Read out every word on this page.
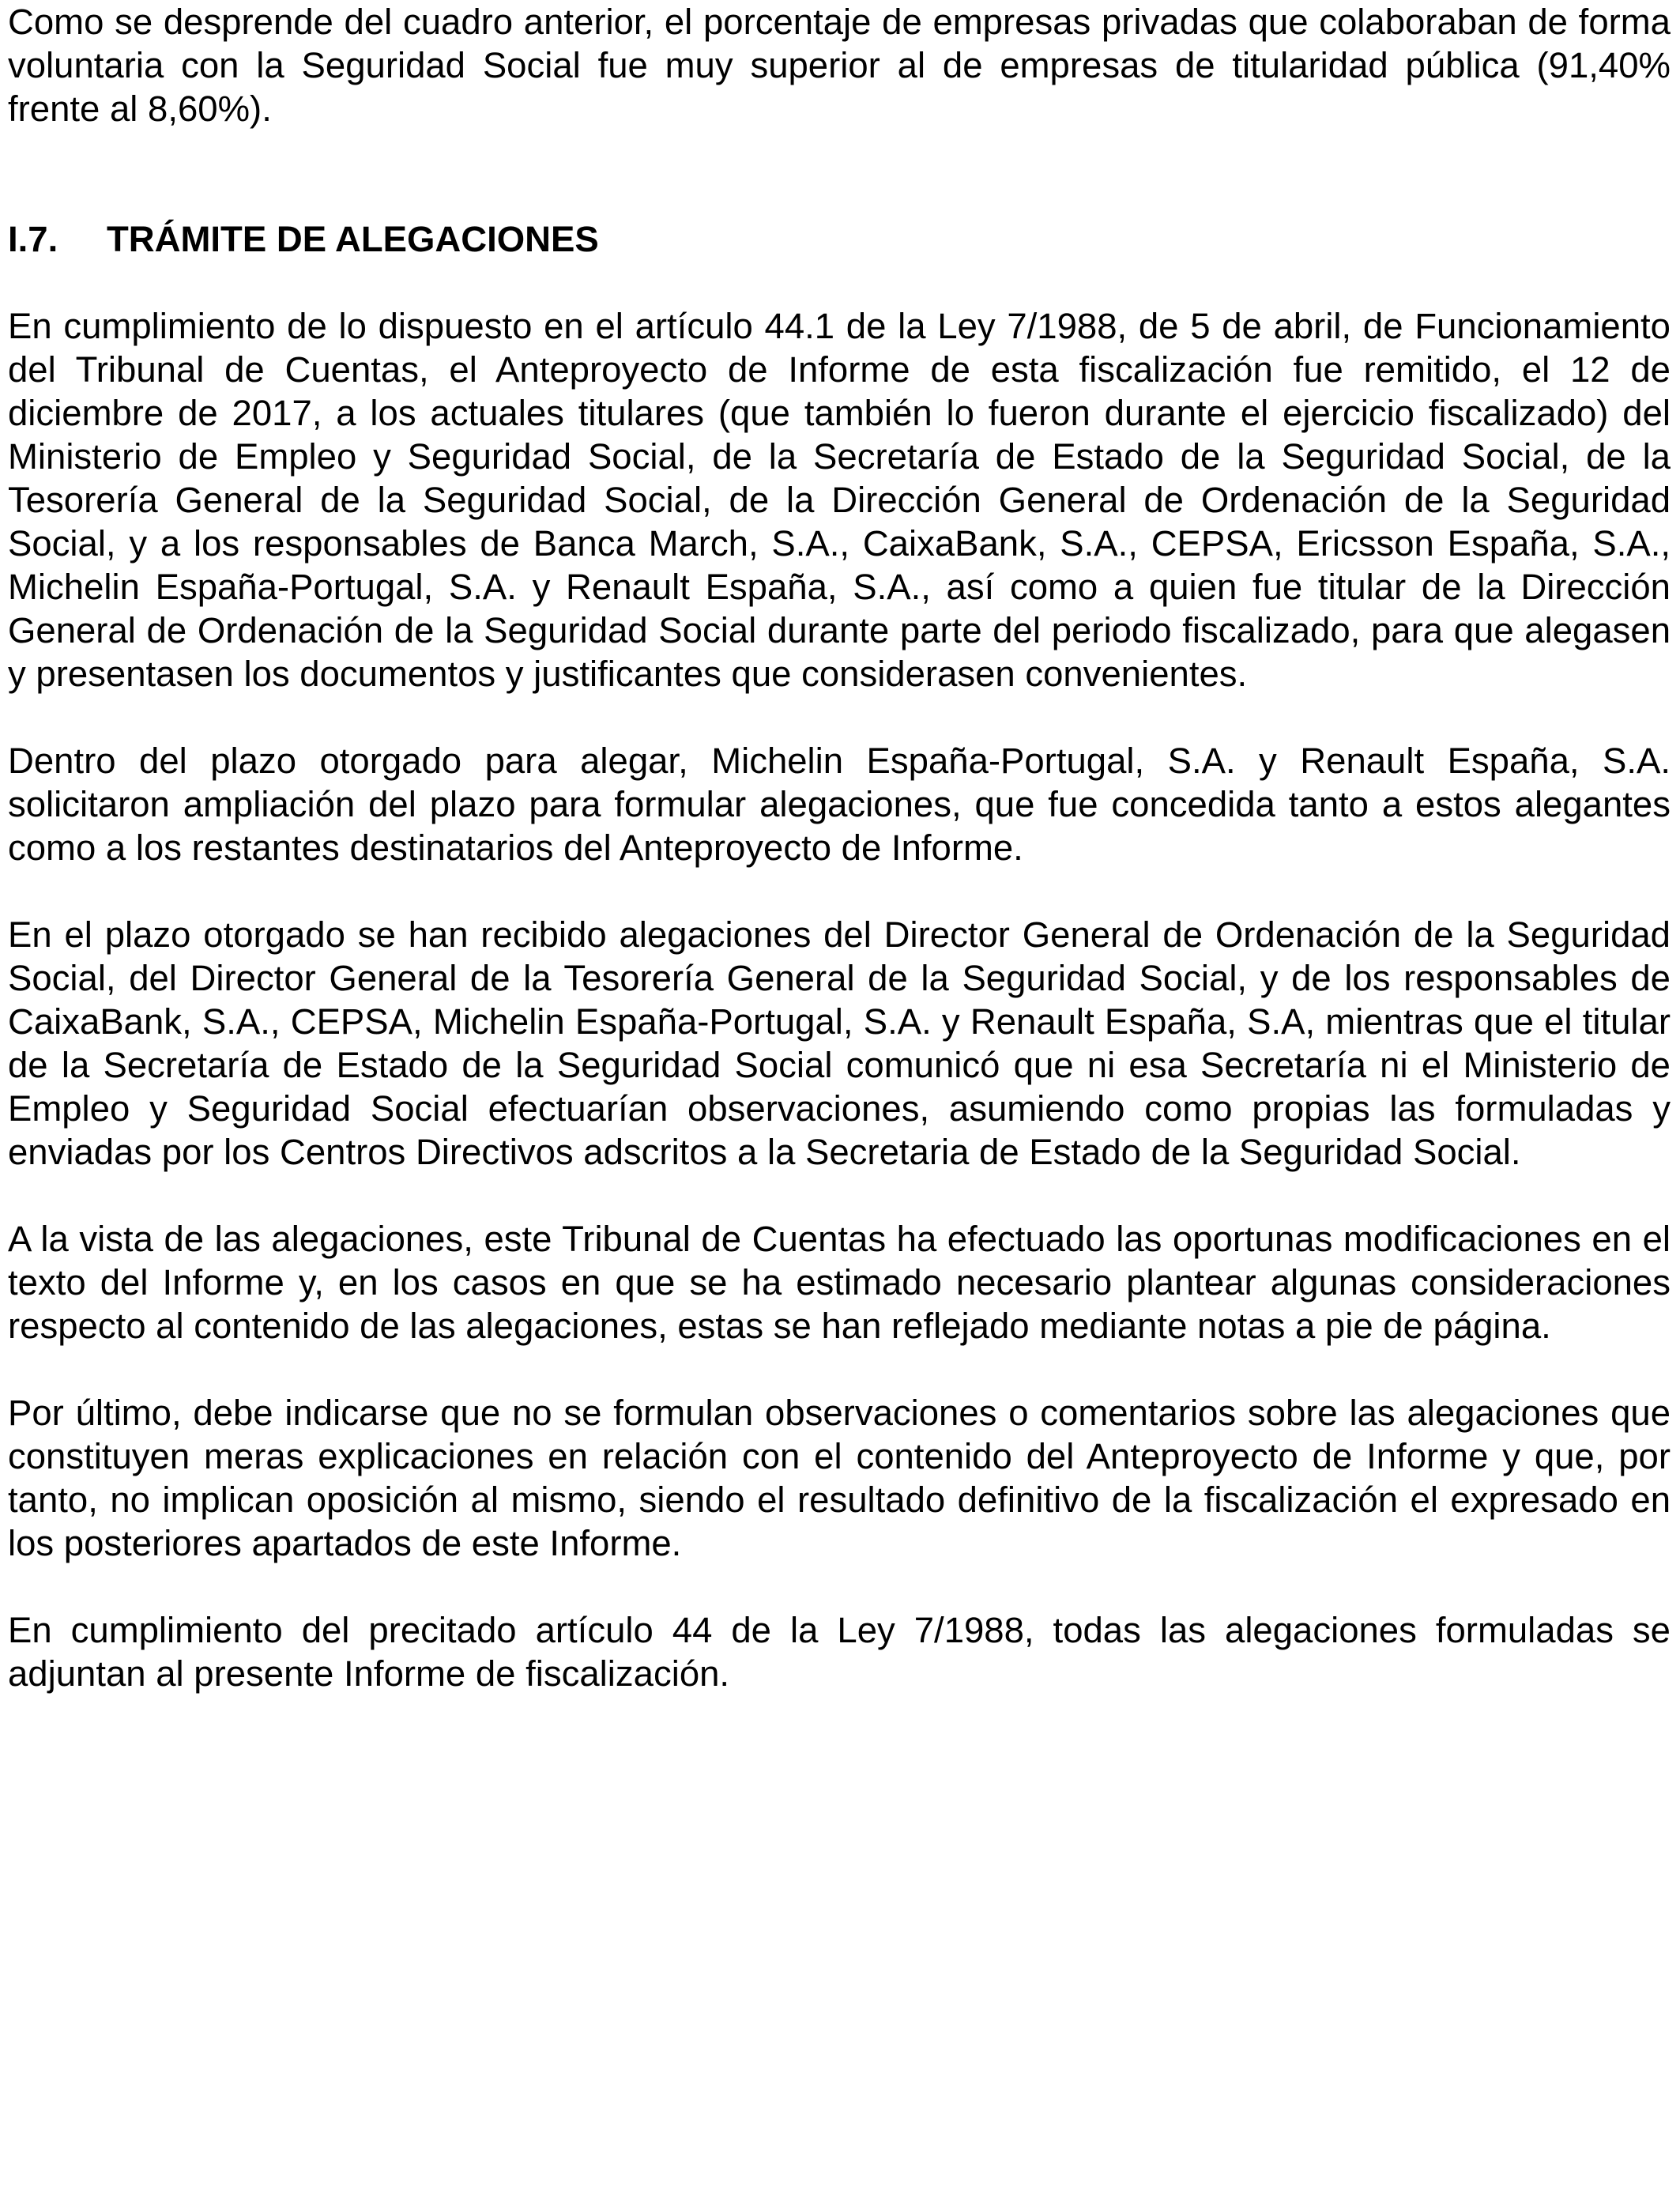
Como se desprende del cuadro anterior, el porcentaje de empresas privadas que colaboraban de forma voluntaria con la Seguridad Social fue muy superior al de empresas de titularidad pública (91,40% frente al 8,60%).

I.7.	TRÁMITE DE ALEGACIONES

En cumplimiento de lo dispuesto en el artículo 44.1 de la Ley 7/1988, de 5 de abril, de Funcionamiento del Tribunal de Cuentas, el Anteproyecto de Informe de esta fiscalización fue remitido, el 12 de diciembre de 2017, a los actuales titulares (que también lo fueron durante el ejercicio fiscalizado) del Ministerio de Empleo y Seguridad Social, de la Secretaría de Estado de la Seguridad Social, de la Tesorería General de la Seguridad Social, de la Dirección General de Ordenación de la Seguridad Social, y a los responsables de Banca March, S.A., CaixaBank, S.A., CEPSA, Ericsson España, S.A., Michelin España-Portugal, S.A. y Renault España, S.A., así como a quien fue titular de la Dirección General de Ordenación de la Seguridad Social durante parte del periodo fiscalizado, para que alegasen y presentasen los documentos y justificantes que considerasen convenientes.

Dentro del plazo otorgado para alegar, Michelin España-Portugal, S.A. y Renault España, S.A. solicitaron ampliación del plazo para formular alegaciones, que fue concedida tanto a estos alegantes como a los restantes destinatarios del Anteproyecto de Informe.

En el plazo otorgado se han recibido alegaciones del Director General de Ordenación de la Seguridad Social, del Director General de la Tesorería General de la Seguridad Social, y de los responsables de CaixaBank, S.A., CEPSA, Michelin España-Portugal, S.A. y Renault España, S.A, mientras que el titular de la Secretaría de Estado de la Seguridad Social comunicó que ni esa Secretaría ni el Ministerio de Empleo y Seguridad Social efectuarían observaciones, asumiendo como propias las formuladas y enviadas por los Centros Directivos adscritos a la Secretaria de Estado de la Seguridad Social.

A la vista de las alegaciones, este Tribunal de Cuentas ha efectuado las oportunas modificaciones en el texto del Informe y, en los casos en que se ha estimado necesario plantear algunas consideraciones respecto al contenido de las alegaciones, estas se han reflejado mediante notas a pie de página.

Por último, debe indicarse que no se formulan observaciones o comentarios sobre las alegaciones que constituyen meras explicaciones en relación con el contenido del Anteproyecto de Informe y que, por tanto, no implican oposición al mismo, siendo el resultado definitivo de la fiscalización el expresado en los posteriores apartados de este Informe.

En cumplimiento del precitado artículo 44 de la Ley 7/1988, todas las alegaciones formuladas se adjuntan al presente Informe de fiscalización.
